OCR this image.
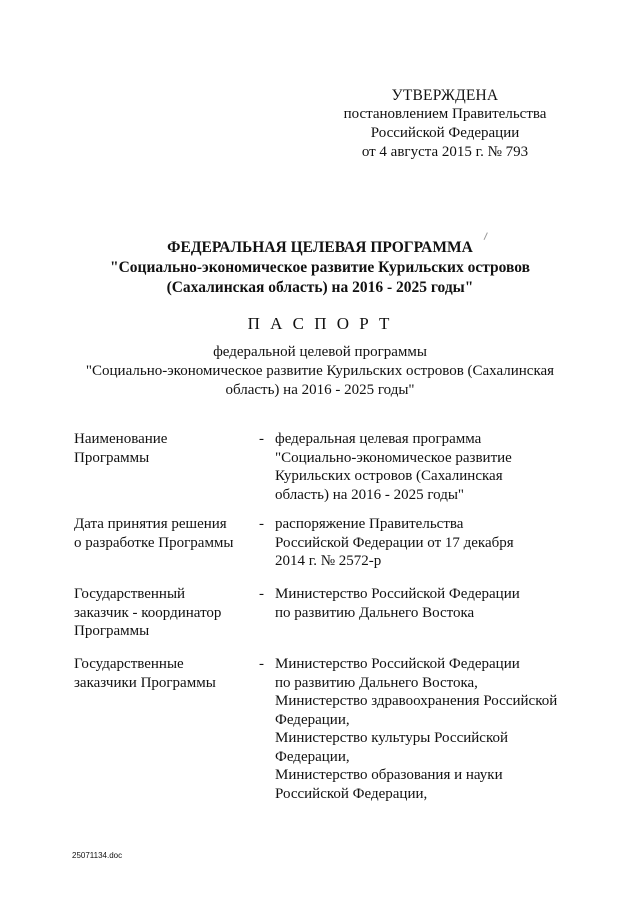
УТВЕРЖДЕНА
постановлением Правительства
Российской Федерации
от 4 августа 2015 г. № 793
ФЕДЕРАЛЬНАЯ ЦЕЛЕВАЯ ПРОГРАММА
"Социально-экономическое развитие Курильских островов
(Сахалинская область) на 2016 - 2025 годы"
П А С П О Р Т
федеральной целевой программы
"Социально-экономическое развитие Курильских островов (Сахалинская
область) на 2016 - 2025 годы"
Наименование
Программы
- федеральная целевая программа
"Социально-экономическое развитие
Курильских островов (Сахалинская
область) на 2016 - 2025 годы"
Дата принятия решения
о разработке Программы
- распоряжение Правительства
Российской Федерации от 17 декабря
2014 г. № 2572-р
Государственный
заказчик - координатор
Программы
- Министерство Российской Федерации
по развитию Дальнего Востока
Государственные
заказчики Программы
- Министерство Российской Федерации
по развитию Дальнего Востока,
Министерство здравоохранения Российской
Федерации,
Министерство культуры Российской
Федерации,
Министерство образования и науки
Российской Федерации,
25071134.doc
